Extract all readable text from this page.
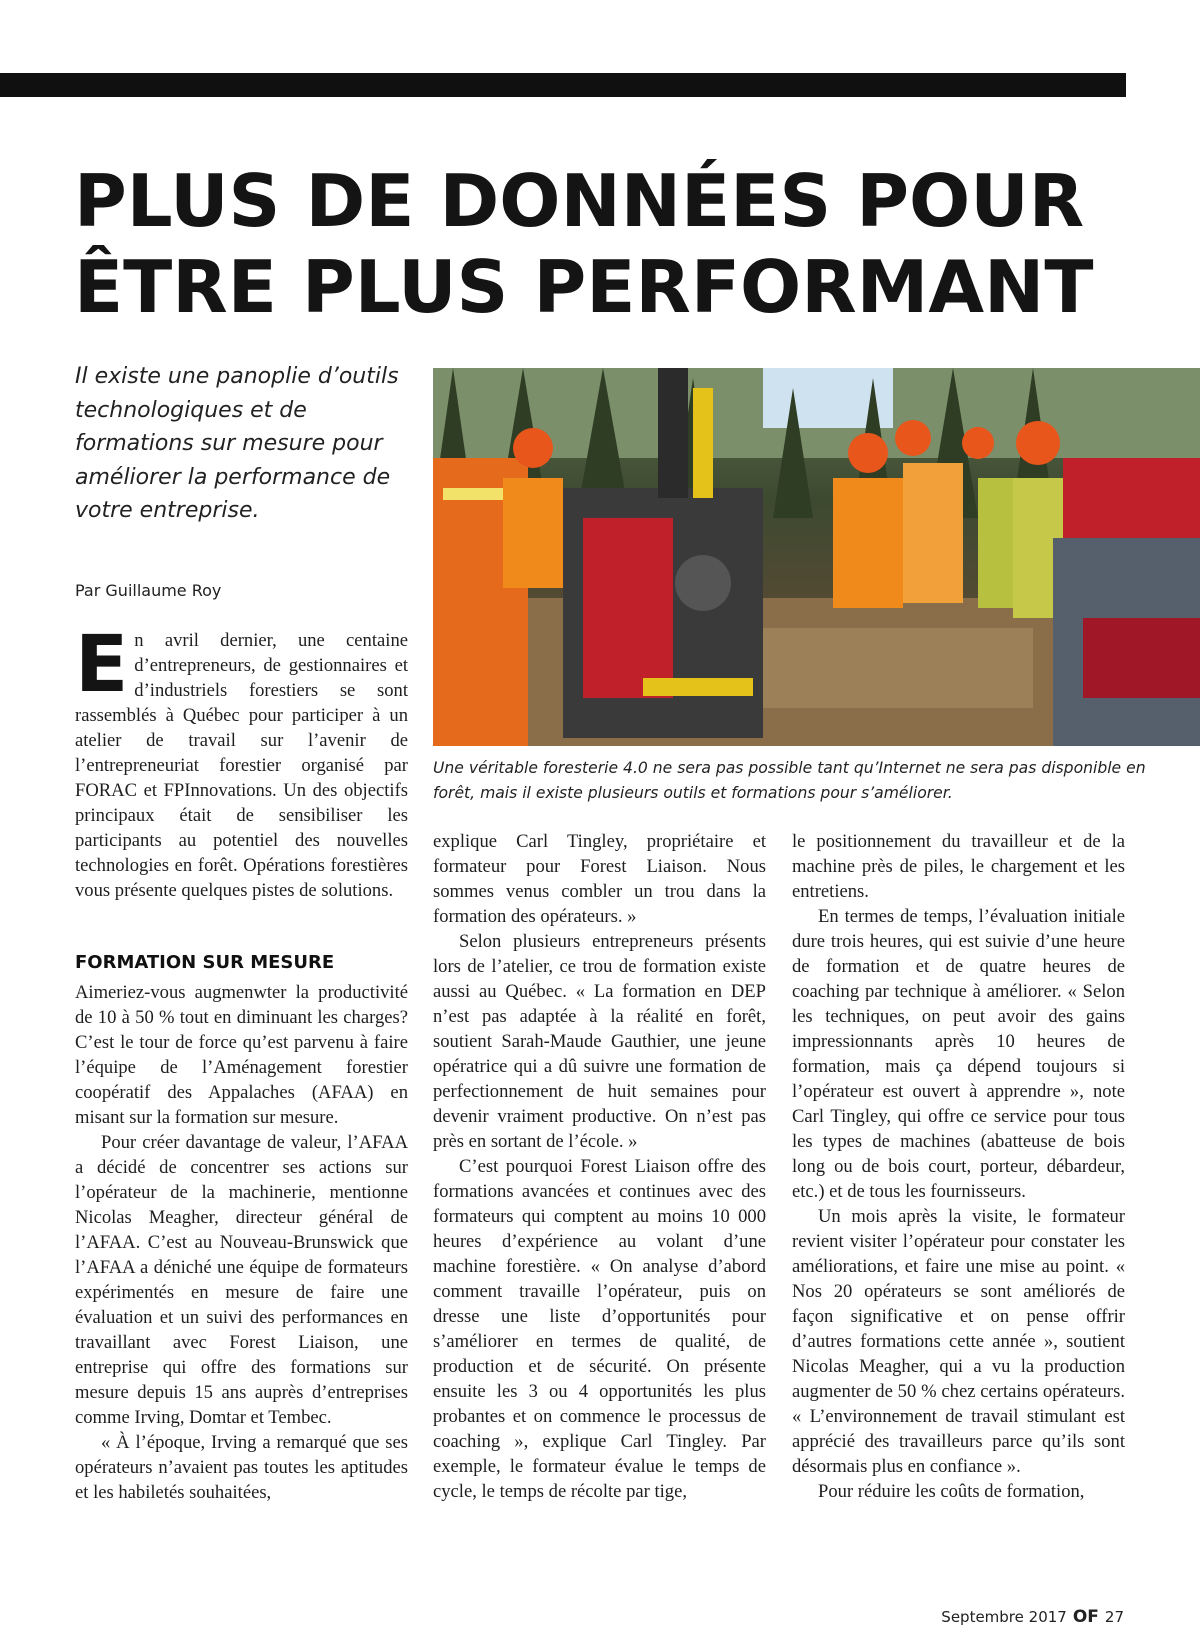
PLUS DE DONNÉES POUR
ÊTRE PLUS PERFORMANT

Il existe une panoplie d’outils technologiques et de formations sur mesure pour améliorer la performance de votre entreprise.

Par Guillaume Roy

Une véritable foresterie 4.0 ne sera pas possible tant qu’Internet ne sera pas disponible en forêt, mais il existe plusieurs outils et formations pour s’améliorer.

En avril dernier, une centaine d’entrepreneurs, de gestionnaires et d’industriels forestiers se sont rassemblés à Québec pour participer à un atelier de travail sur l’avenir de l’entrepreneuriat forestier organisé par FORAC et FPInnovations. Un des objectifs principaux était de sensibiliser les participants au potentiel des nouvelles technologies en forêt. Opérations forestières vous présente quelques pistes de solutions.

FORMATION SUR MESURE

Aimeriez-vous augmenwter la productivité de 10 à 50 % tout en diminuant les charges? C’est le tour de force qu’est parvenu à faire l’équipe de l’Aménagement forestier coopératif des Appalaches (AFAA) en misant sur la formation sur mesure.

Pour créer davantage de valeur, l’AFAA a décidé de concentrer ses actions sur l’opérateur de la machinerie, mentionne Nicolas Meagher, directeur général de l’AFAA. C’est au Nouveau-Brunswick que l’AFAA a déniché une équipe de formateurs expérimentés en mesure de faire une évaluation et un suivi des performances en travaillant avec Forest Liaison, une entreprise qui offre des formations sur mesure depuis 15 ans auprès d’entreprises comme Irving, Domtar et Tembec.

« À l’époque, Irving a remarqué que ses opérateurs n’avaient pas toutes les aptitudes et les habiletés souhaitées,

explique Carl Tingley, propriétaire et formateur pour Forest Liaison. Nous sommes venus combler un trou dans la formation des opérateurs. »

Selon plusieurs entrepreneurs présents lors de l’atelier, ce trou de formation existe aussi au Québec. « La formation en DEP n’est pas adaptée à la réalité en forêt, soutient Sarah-Maude Gauthier, une jeune opératrice qui a dû suivre une formation de perfectionnement de huit semaines pour devenir vraiment productive. On n’est pas près en sortant de l’école. »

C’est pourquoi Forest Liaison offre des formations avancées et continues avec des formateurs qui comptent au moins 10 000 heures d’expérience au volant d’une machine forestière. « On analyse d’abord comment travaille l’opérateur, puis on dresse une liste d’opportunités pour s’améliorer en termes de qualité, de production et de sécurité. On présente ensuite les 3 ou 4 opportunités les plus probantes et on commence le processus de coaching », explique Carl Tingley. Par exemple, le formateur évalue le temps de cycle, le temps de récolte par tige,

le positionnement du travailleur et de la machine près de piles, le chargement et les entretiens.

En termes de temps, l’évaluation initiale dure trois heures, qui est suivie d’une heure de formation et de quatre heures de coaching par technique à améliorer. « Selon les techniques, on peut avoir des gains impressionnants après 10 heures de formation, mais ça dépend toujours si l’opérateur est ouvert à apprendre », note Carl Tingley, qui offre ce service pour tous les types de machines (abatteuse de bois long ou de bois court, porteur, débardeur, etc.) et de tous les fournisseurs.

Un mois après la visite, le formateur revient visiter l’opérateur pour constater les améliorations, et faire une mise au point. « Nos 20 opérateurs se sont améliorés de façon significative et on pense offrir d’autres formations cette année », soutient Nicolas Meagher, qui a vu la production augmenter de 50 % chez certains opérateurs. « L’environnement de travail stimulant est apprécié des travailleurs parce qu’ils sont désormais plus en confiance ».

Pour réduire les coûts de formation,

Septembre 2017 OF 27
